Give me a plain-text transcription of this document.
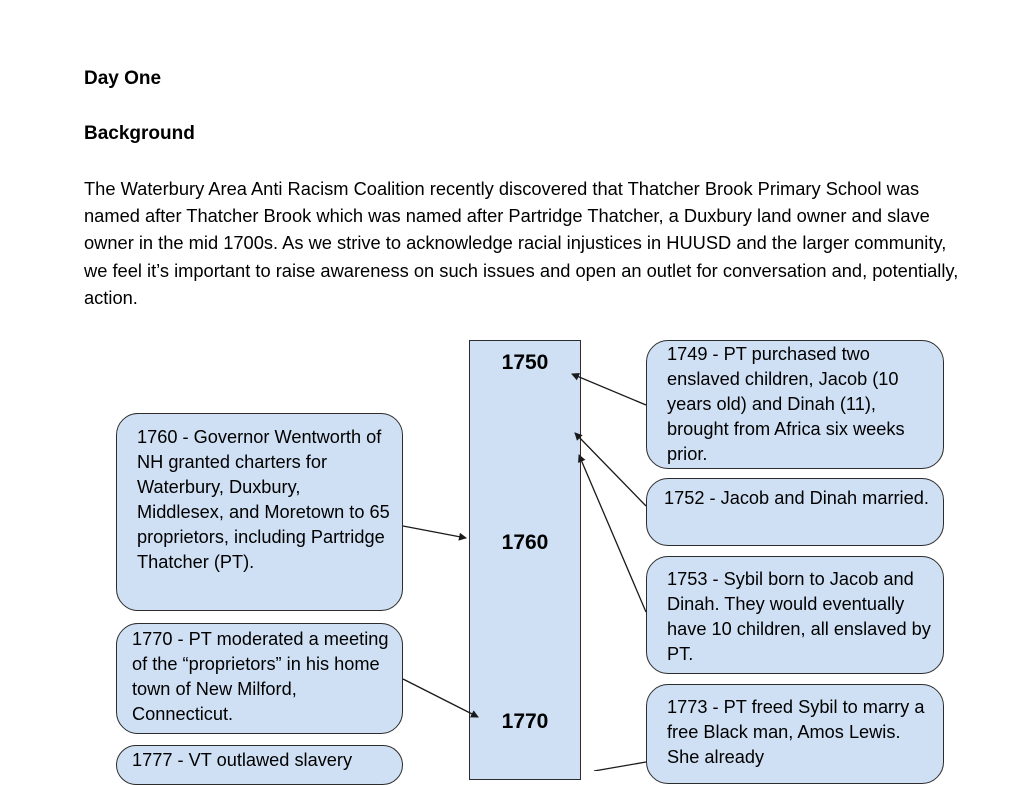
Day One
Background
The Waterbury Area Anti Racism Coalition recently discovered that Thatcher Brook Primary School was named after Thatcher Brook which was named after Partridge Thatcher, a Duxbury land owner and slave owner in the mid 1700s. As we strive to acknowledge racial injustices in HUUSD and the larger community, we feel it’s important to raise awareness on such issues and open an outlet for conversation and, potentially, action.
1750
1760
1770
1760 - Governor Wentworth of NH granted charters for Waterbury, Duxbury, Middlesex, and Moretown to 65 proprietors, including Partridge Thatcher (PT).
1770 - PT moderated a meeting of the “proprietors” in his home town of New Milford, Connecticut.
1777 - VT outlawed slavery
1749 - PT purchased two enslaved children, Jacob (10 years old) and Dinah (11), brought from Africa six weeks prior.
1752 - Jacob and Dinah married.
1753 - Sybil born to Jacob and Dinah. They would eventually have 10 children, all enslaved by PT.
1773 - PT freed Sybil to marry a free Black man, Amos Lewis. She already
